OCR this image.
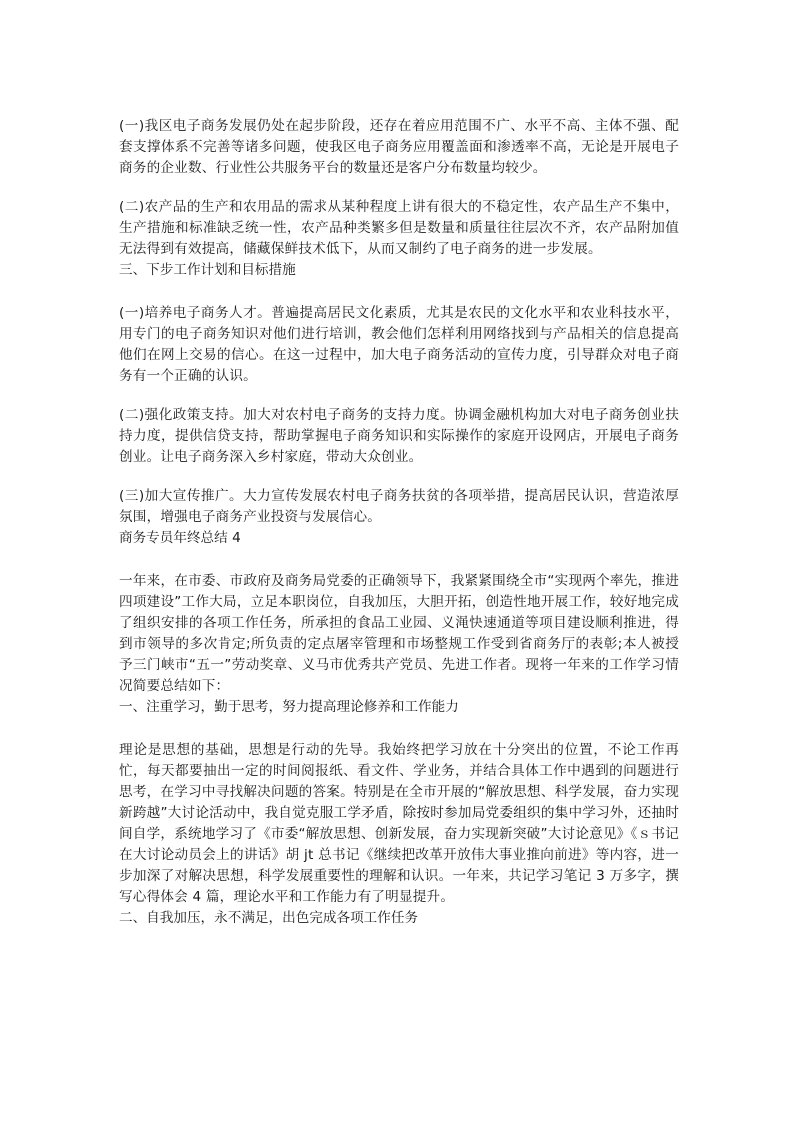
(一)我区电子商务发展仍处在起步阶段，还存在着应用范围不广、水平不高、主体不强、配套支撑体系不完善等诸多问题，使我区电子商务应用覆盖面和渗透率不高，无论是开展电子商务的企业数、行业性公共服务平台的数量还是客户分布数量均较少。

(二)农产品的生产和农用品的需求从某种程度上讲有很大的不稳定性，农产品生产不集中，生产措施和标准缺乏统一性，农产品种类繁多但是数量和质量往往层次不齐，农产品附加值无法得到有效提高，储藏保鲜技术低下，从而又制约了电子商务的进一步发展。

三、下步工作计划和目标措施

(一)培养电子商务人才。普遍提高居民文化素质，尤其是农民的文化水平和农业科技水平，用专门的电子商务知识对他们进行培训，教会他们怎样利用网络找到与产品相关的信息提高他们在网上交易的信心。在这一过程中，加大电子商务活动的宣传力度，引导群众对电子商务有一个正确的认识。

(二)强化政策支持。加大对农村电子商务的支持力度。协调金融机构加大对电子商务创业扶持力度，提供信贷支持，帮助掌握电子商务知识和实际操作的家庭开设网店，开展电子商务创业。让电子商务深入乡村家庭，带动大众创业。

(三)加大宣传推广。大力宣传发展农村电子商务扶贫的各项举措，提高居民认识，营造浓厚氛围，增强电子商务产业投资与发展信心。

商务专员年终总结 4

一年来，在市委、市政府及商务局党委的正确领导下，我紧紧围绕全市“实现两个率先，推进四项建设”工作大局，立足本职岗位，自我加压，大胆开拓，创造性地开展工作，较好地完成了组织安排的各项工作任务，所承担的食品工业园、义渑快速通道等项目建设顺利推进，得到市领导的多次肯定;所负责的定点屠宰管理和市场整规工作受到省商务厅的表彰;本人被授予三门峡市“五一”劳动奖章、义马市优秀共产党员、先进工作者。现将一年来的工作学习情况简要总结如下：

一、注重学习，勤于思考，努力提高理论修养和工作能力

理论是思想的基础，思想是行动的先导。我始终把学习放在十分突出的位置，不论工作再忙，每天都要抽出一定的时间阅报纸、看文件、学业务，并结合具体工作中遇到的问题进行思考，在学习中寻找解决问题的答案。特别是在全市开展的“解放思想、科学发展，奋力实现新跨越”大讨论活动中，我自觉克服工学矛盾，除按时参加局党委组织的集中学习外，还抽时间自学，系统地学习了《市委“解放思想、创新发展，奋力实现新突破”大讨论意见》《ｓ书记在大讨论动员会上的讲话》胡 jt 总书记《继续把改革开放伟大事业推向前进》等内容，进一步加深了对解决思想，科学发展重要性的理解和认识。一年来，共记学习笔记 3 万多字，撰写心得体会 4 篇，理论水平和工作能力有了明显提升。

二、自我加压，永不满足，出色完成各项工作任务
